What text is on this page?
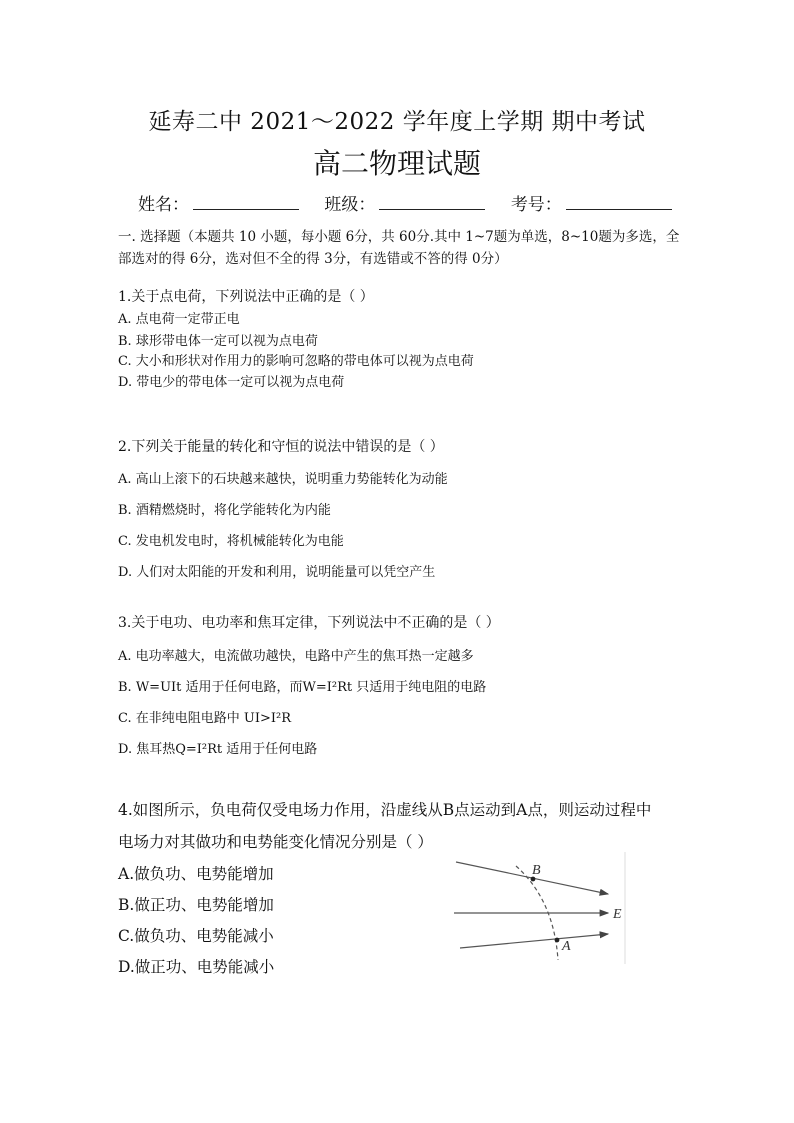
延寿二中 2021～2022 学年度上学期 期中考试
高二物理试题
姓名：	班级：	考号：
一. 选择题（本题共 10 小题，每小题 6分，共 60分.其中 1~7题为单选，8~10题为多选，全部选对的得 6分，选对但不全的得 3分，有选错或不答的得 0分）
1.关于点电荷，下列说法中正确的是（ ）
A. 点电荷一定带正电
B. 球形带电体一定可以视为点电荷
C. 大小和形状对作用力的影响可忽略的带电体可以视为点电荷
D. 带电少的带电体一定可以视为点电荷
2.下列关于能量的转化和守恒的说法中错误的是（ ）
A. 高山上滚下的石块越来越快，说明重力势能转化为动能
B. 酒精燃烧时，将化学能转化为内能
C. 发电机发电时，将机械能转化为电能
D. 人们对太阳能的开发和利用，说明能量可以凭空产生
3.关于电功、电功率和焦耳定律，下列说法中不正确的是（ ）
A. 电功率越大，电流做功越快，电路中产生的焦耳热一定越多
B. W=UIt 适用于任何电路，而W=I²Rt 只适用于纯电阻的电路
C. 在非纯电阻电路中 UI>I²R
D. 焦耳热Q=I²Rt 适用于任何电路
4.如图所示，负电荷仅受电场力作用，沿虚线从B点运动到A点，则运动过程中
电场力对其做功和电势能变化情况分别是（ ）
A.做负功、电势能增加
B.做正功、电势能增加
C.做负功、电势能减小
D.做正功、电势能减小
B
A
E
